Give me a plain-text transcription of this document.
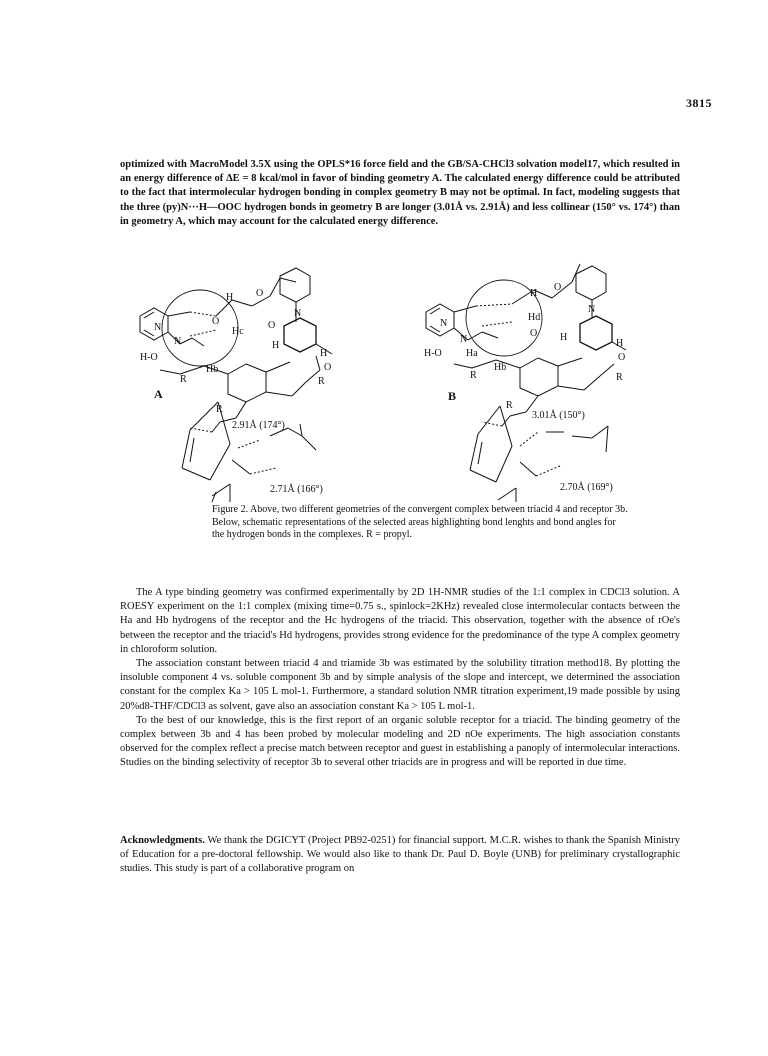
3815

optimized with MacroModel 3.5X using the OPLS*16 force field and the GB/SA-CHCl3 solvation model17, which resulted in an energy difference of ΔE = 8 kcal/mol in favor of binding geometry A. The calculated energy difference could be attributed to the fact that intermolecular hydrogen bonding in complex geometry B may not be optimal. In fact, modeling suggests that the three (py)N···H—OOC hydrogen bonds in geometry B are longer (3.01Å vs. 2.91Å) and less collinear (150° vs. 174°) than in geometry A, which may account for the calculated energy difference.

H O
N
N
N
O
Hc
O
H
H
O
H-O
R
Hb
R
R
A
H
O
N
N
N
Hd
O H
H
O
H-O Ha
R
Hb
R
R
B
2.91Å (174°)
2.71Å (166°)
3.01Å (150°)
2.70Å (169°)

Figure 2. Above, two different geometries of the convergent complex between triacid 4 and receptor 3b.

Below, schematic representations of the selected areas highlighting bond lenghts and bond angles for

the hydrogen bonds in the complexes. R = propyl.

The A type binding geometry was confirmed experimentally by 2D 1H-NMR studies of the 1:1 complex in CDCl3 solution. A ROESY experiment on the 1:1 complex (mixing time=0.75 s., spinlock=2KHz) revealed close intermolecular contacts between the Ha and Hb hydrogens of the receptor and the Hc hydrogens of the triacid. This observation, together with the absence of rOe's between the receptor and the triacid's Hd hydrogens, provides strong evidence for the predominance of the type A complex geometry in chloroform solution.

The association constant between triacid 4 and triamide 3b was estimated by the solubility titration method18. By plotting the insoluble component 4 vs. soluble component 3b and by simple analysis of the slope and intercept, we determined the association constant for the complex Ka > 105 L mol-1. Furthermore, a standard solution NMR titration experiment,19 made possible by using 20%d8-THF/CDCl3 as solvent, gave also an association constant Ka > 105 L mol-1.

To the best of our knowledge, this is the first report of an organic soluble receptor for a triacid. The binding geometry of the complex between 3b and 4 has been probed by molecular modeling and 2D nOe experiments. The high association constants observed for the complex reflect a precise match between receptor and guest in establishing a panoply of intermolecular interactions. Studies on the binding selectivity of receptor 3b to several other triacids are in progress and will be reported in due time.

Acknowledgments. We thank the DGICYT (Project PB92-0251) for financial support. M.C.R. wishes to thank the Spanish Ministry of Education for a pre-doctoral fellowship. We would also like to thank Dr. Paul D. Boyle (UNB) for preliminary crystallographic studies. This study is part of a collaborative program on
